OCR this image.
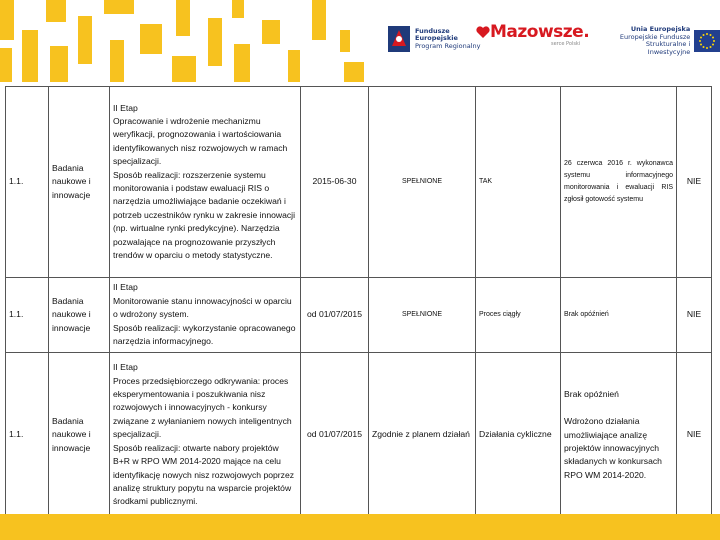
Fundusze
Europejskie
Program Regionalny
Mazowsze.
serce Polski
Unia Europejska
Europejskie Fundusze
Strukturalne i Inwestycyjne
1.1.	Badania naukowe i innowacje	II Etap
Opracowanie i wdrożenie mechanizmu weryfikacji, prognozowania i wartościowania identyfikowanych nisz rozwojowych w ramach specjalizacji.
Sposób realizacji: rozszerzenie systemu monitorowania i podstaw ewaluacji RIS o narzędzia umożliwiające badanie oczekiwań i potrzeb uczestników rynku w zakresie innowacji (np. wirtualne rynki predykcyjne). Narzędzia pozwalające na prognozowanie przyszłych trendów w oparciu o metody statystyczne.	2015-06-30	SPEŁNIONE	TAK	26 czerwca 2016 r. wykonawca systemu informacyjnego monitorowania i ewaluacji RIS zgłosił gotowość systemu	NIE
1.1.	Badania naukowe i innowacje	II Etap
Monitorowanie stanu innowacyjności w oparciu o wdrożony system.
Sposób realizacji: wykorzystanie opracowanego narzędzia informacyjnego.	od 01/07/2015	SPEŁNIONE	Proces ciągły	Brak opóźnień	NIE
1.1.	Badania naukowe i innowacje	II Etap
Proces przedsiębiorczego odkrywania: proces eksperymentowania i poszukiwania nisz rozwojowych i innowacyjnych - konkursy związane z wyłanianiem nowych inteligentnych specjalizacji.
Sposób realizacji: otwarte nabory projektów B+R w RPO WM 2014-2020 mające na celu identyfikację nowych nisz rozwojowych poprzez analizę struktury popytu na wsparcie projektów środkami publicznymi.	od 01/07/2015	Zgodnie z planem działań	Działania cykliczne	Brak opóźnień
Wdrożono działania umożliwiające analizę projektów innowacyjnych składanych w konkursach RPO WM 2014-2020.	NIE
